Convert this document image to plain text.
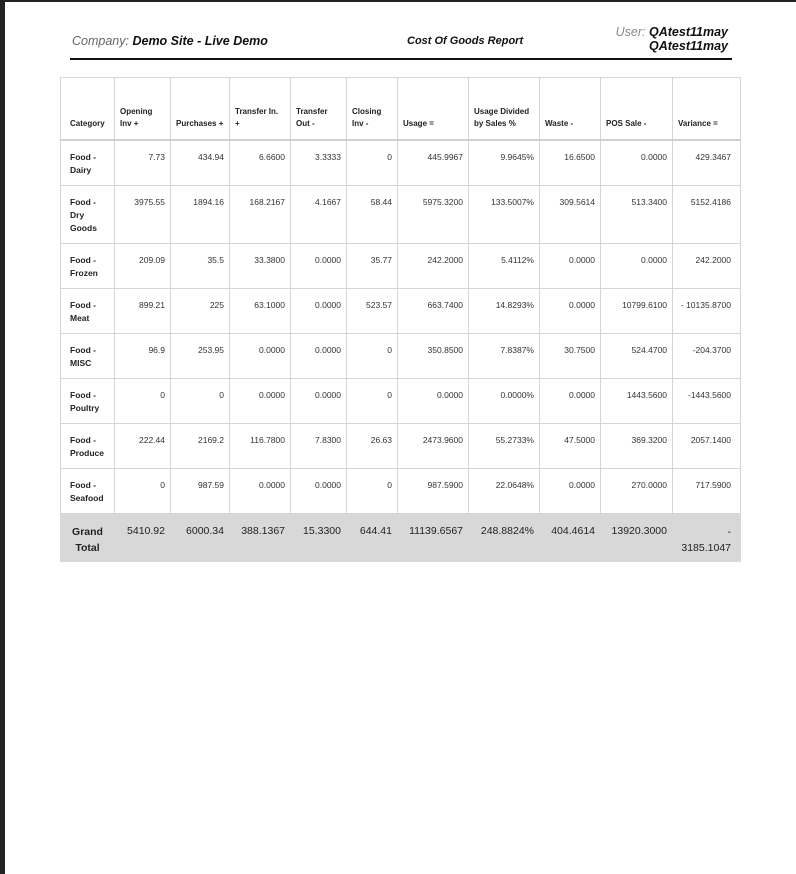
Company: Demo Site - Live Demo	Cost Of Goods Report
User: QAtest11may
QAtest11may
Category	Opening Inv +	Purchases +	Transfer In. +	Transfer Out -	Closing Inv -	Usage =	Usage Divided by Sales %	Waste -	POS Sale -	Variance =
Food - Dairy	7.73	434.94	6.6600	3.3333	0	445.9967	9.9645%	16.6500	0.0000	429.3467
Food - Dry Goods	3975.55	1894.16	168.2167	4.1667	58.44	5975.3200	133.5007%	309.5614	513.3400	5152.4186
Food - Frozen	209.09	35.5	33.3800	0.0000	35.77	242.2000	5.4112%	0.0000	0.0000	242.2000
Food - Meat	899.21	225	63.1000	0.0000	523.57	663.7400	14.8293%	0.0000	10799.6100	- 10135.8700
Food - MISC	96.9	253.95	0.0000	0.0000	0	350.8500	7.8387%	30.7500	524.4700	-204.3700
Food - Poultry	0	0	0.0000	0.0000	0	0.0000	0.0000%	0.0000	1443.5600	-1443.5600
Food - Produce	222.44	2169.2	116.7800	7.8300	26.63	2473.9600	55.2733%	47.5000	369.3200	2057.1400
Food - Seafood	0	987.59	0.0000	0.0000	0	987.5900	22.0648%	0.0000	270.0000	717.5900
Grand Total	5410.92	6000.34	388.1367	15.3300	644.41	11139.6567	248.8824%	404.4614	13920.3000	- 3185.1047
